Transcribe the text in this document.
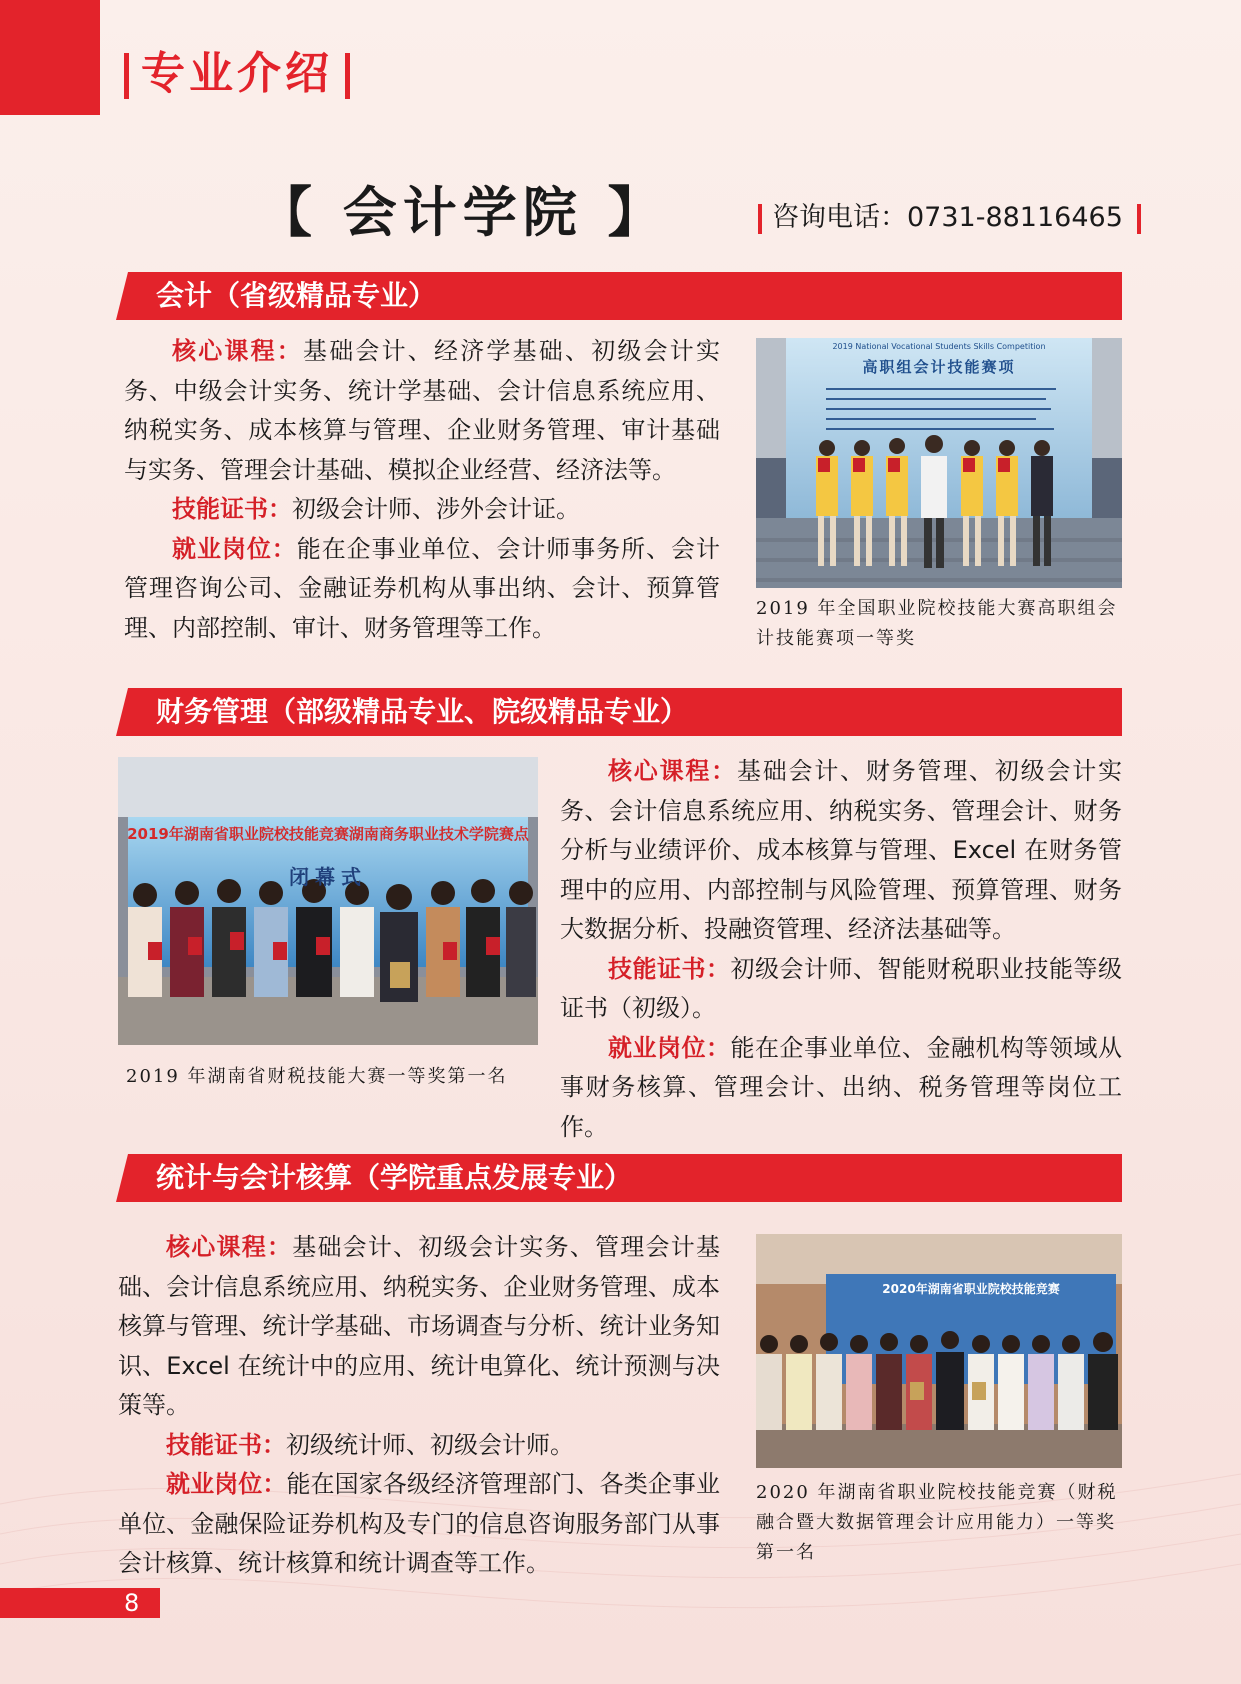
专业介绍
【 会计学院 】	咨询电话：0731-88116465
会计（省级精品专业）

核心课程：基础会计、经济学基础、初级会计实务、中级会计实务、统计学基础、会计信息系统应用、纳税实务、成本核算与管理、企业财务管理、审计基础与实务、管理会计基础、模拟企业经营、经济法等。

技能证书：初级会计师、涉外会计证。

就业岗位：能在企事业单位、会计师事务所、会计管理咨询公司、金融证券机构从事出纳、会计、预算管理、内部控制、审计、财务管理等工作。

2019 National Vocational Students Skills Competition
高职组会计技能赛项
2019 年全国职业院校技能大赛高职组会计技能赛项一等奖
财务管理（部级精品专业、院级精品专业）
2019年湖南省职业院校技能竞赛湖南商务职业技术学院赛点
闭幕式
2019 年湖南省财税技能大赛一等奖第一名

核心课程：基础会计、财务管理、初级会计实务、会计信息系统应用、纳税实务、管理会计、财务分析与业绩评价、成本核算与管理、Excel 在财务管理中的应用、内部控制与风险管理、预算管理、财务大数据分析、投融资管理、经济法基础等。

技能证书：初级会计师、智能财税职业技能等级证书（初级）。

就业岗位：能在企事业单位、金融机构等领域从事财务核算、管理会计、出纳、税务管理等岗位工作。

统计与会计核算（学院重点发展专业）

核心课程：基础会计、初级会计实务、管理会计基础、会计信息系统应用、纳税实务、企业财务管理、成本核算与管理、统计学基础、市场调查与分析、统计业务知识、Excel 在统计中的应用、统计电算化、统计预测与决策等。

技能证书：初级统计师、初级会计师。

就业岗位：能在国家各级经济管理部门、各类企事业单位、金融保险证券机构及专门的信息咨询服务部门从事会计核算、统计核算和统计调查等工作。

2020年湖南省职业院校技能竞赛
2020 年湖南省职业院校技能竞赛（财税融合暨大数据管理会计应用能力）一等奖第一名
8
